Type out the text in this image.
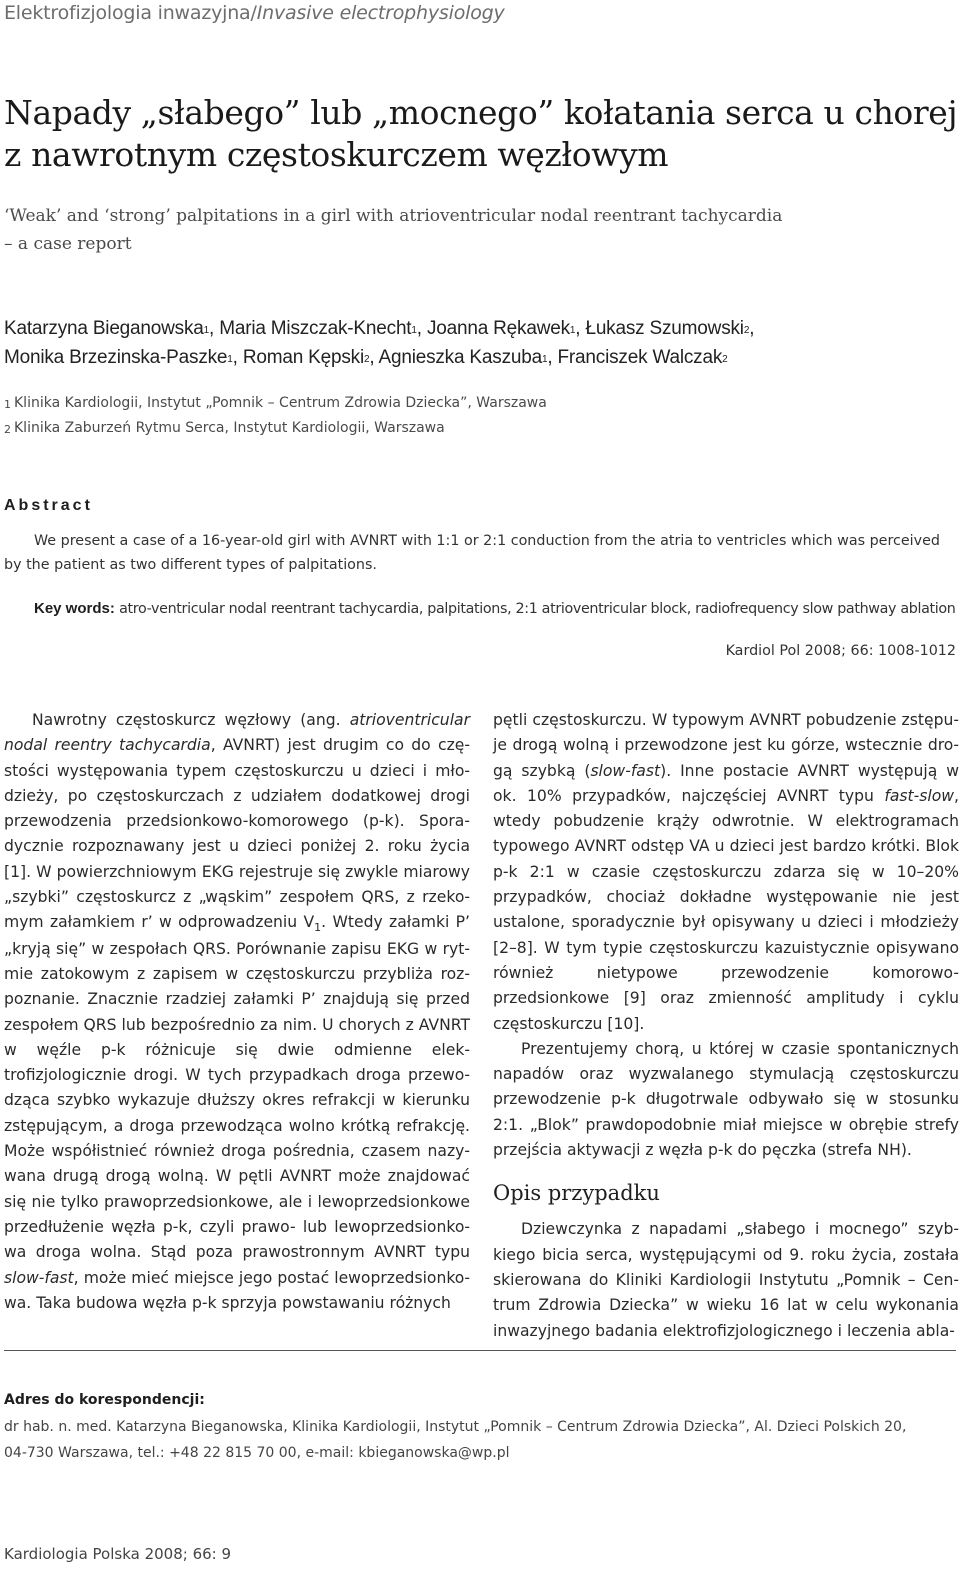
Elektrofizjologia inwazyjna/Invasive electrophysiology
Napady „słabego” lub „mocnego” kołatania serca u chorej
z nawrotnym częstoskurczem węzłowym
‘Weak’ and ‘strong’ palpitations in a girl with atrioventricular nodal reentrant tachycardia
– a case report
Katarzyna Bieganowska$^1$, Maria Miszczak-Knecht$^1$, Joanna Rękawek$^1$, Łukasz Szumowski$^2$,
Monika Brzezinska-Paszke$^1$, Roman Kępski$^2$, Agnieszka Kaszuba$^1$, Franciszek Walczak$^2$
$^1$ Klinika Kardiologii, Instytut „Pomnik – Centrum Zdrowia Dziecka”, Warszawa
$^2$ Klinika Zaburzeń Rytmu Serca, Instytut Kardiologii, Warszawa
Abstract

We present a case of a 16-year-old girl with AVNRT with 1:1 or 2:1 conduction from the atria to ventricles which was perceived by the patient as two different types of palpitations.

Key words: atro-ventricular nodal reentrant tachycardia, palpitations, 2:1 atrioventricular block, radiofrequency slow pathway ablation

Kardiol Pol 2008; 66: 1008-1012

Nawrotny częstoskurcz węzłowy (ang. atrioventricular nodal reentry tachycardia, AVNRT) jest drugim co do częstości występowania typem częstoskurczu u dzieci i młodzieży, po częstoskurczach z udziałem dodatkowej drogi przewodzenia przedsionkowo-komorowego (p-k). Sporadycznie rozpoznawany jest u dzieci poniżej 2. roku życia [1]. W powierzchniowym EKG rejestruje się zwykle miarowy „szybki” częstoskurcz z „wąskim” zespołem QRS, z rzekomym załamkiem r’ w odprowadzeniu $V_1$. Wtedy załamki P’ „kryją się” w zespołach QRS. Porównanie zapisu EKG w rytmie zatokowym z zapisem w częstoskurczu przybliża rozpoznanie. Znacznie rzadziej załamki P’ znajdują się przed zespołem QRS lub bezpośrednio za nim. U chorych z AVNRT w węźle p-k różnicuje się dwie odmienne elektrofizjologicznie drogi. W tych przypadkach droga przewodząca szybko wykazuje dłuższy okres refrakcji w kierunku zstępującym, a droga przewodząca wolno krótką refrakcję. Może współistnieć również droga pośrednia, czasem nazywana drugą drogą wolną. W pętli AVNRT może znajdować się nie tylko prawoprzedsionkowe, ale i lewoprzedsionkowe przedłużenie węzła p-k, czyli prawo- lub lewoprzedsionkowa droga wolna. Stąd poza prawostronnym AVNRT typu slow-fast, może mieć miejsce jego postać lewoprzedsionkowa. Taka budowa węzła p-k sprzyja powstawaniu różnych

pętli częstoskurczu. W typowym AVNRT pobudzenie zstępuje drogą wolną i przewodzone jest ku górze, wstecznie drogą szybką (slow-fast). Inne postacie AVNRT występują w ok. 10% przypadków, najczęściej AVNRT typu fast-slow, wtedy pobudzenie krąży odwrotnie. W elektrogramach typowego AVNRT odstęp VA u dzieci jest bardzo krótki. Blok p-k 2:1 w czasie częstoskurczu zdarza się w 10–20% przypadków, chociaż dokładne występowanie nie jest ustalone, sporadycznie był opisywany u dzieci i młodzieży [2–8]. W tym typie częstoskurczu kazuistycznie opisywano również nietypowe przewodzenie komorowo-przedsionkowe [9] oraz zmienność amplitudy i cyklu częstoskurczu [10].

Prezentujemy chorą, u której w czasie spontanicznych napadów oraz wyzwalanego stymulacją częstoskurczu przewodzenie p-k długotrwale odbywało się w stosunku 2:1. „Blok” prawdopodobnie miał miejsce w obrębie strefy przejścia aktywacji z węzła p-k do pęczka (strefa NH).

Opis przypadku

Dziewczynka z napadami „słabego i mocnego” szybkiego bicia serca, występującymi od 9. roku życia, została skierowana do Kliniki Kardiologii Instytutu „Pomnik – Centrum Zdrowia Dziecka” w wieku 16 lat w celu wykonania inwazyjnego badania elektrofizjologicznego i leczenia abla-

Adres do korespondencji:
dr hab. n. med. Katarzyna Bieganowska, Klinika Kardiologii, Instytut „Pomnik – Centrum Zdrowia Dziecka”, Al. Dzieci Polskich 20,
04-730 Warszawa, tel.: +48 22 815 70 00, e-mail: kbieganowska@wp.pl
Kardiologia Polska 2008; 66: 9
